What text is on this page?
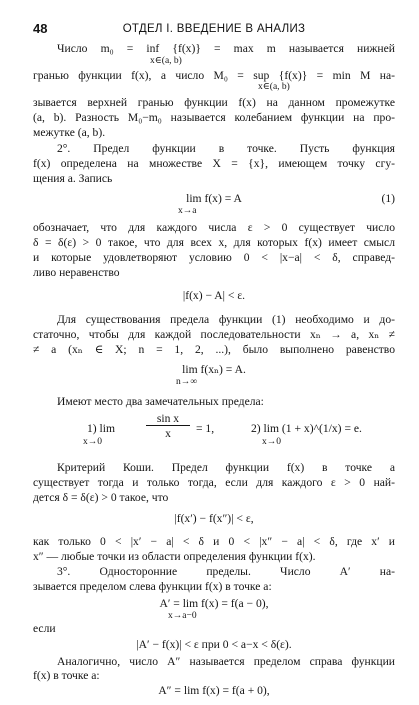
48	ОТДЕЛ I. ВВЕДЕНИЕ В АНАЛИЗ
Число m₀ = inf {f(x)} = max m называется нижней
x∈(a, b)
гранью функции f(x), а число M₀ = sup {f(x)} = min M на-
x∈(a, b)
зывается верхней гранью функции f(x) на данном промежутке
(a, b). Разность M₀−m₀ называется колебанием функции на про-
межутке (a, b).
2°. Предел функции в точке. Пусть функция
f(x) определена на множестве X = {x}, имеющем точку сгу-
щения a. Запись
lim f(x) = A	(1)
x→a
обозначает, что для каждого числа ε > 0 существует число
δ = δ(ε) > 0 такое, что для всех x, для которых f(x) имеет смысл
и которые удовлетворяют условию 0 < |x−a| < δ, справед-
ливо неравенство
|f(x) − A| < ε.
Для существования предела функции (1) необходимо и до-
статочно, чтобы для каждой последовательности xₙ → a, xₙ ≠
≠ a (xₙ ∈ X; n = 1, 2, ...), было выполнено равенство
lim f(xₙ) = A.
n→∞
Имеют место два замечательных предела:
1) lim
sin x
x	= 1,	2) lim (1 + x)^(1/x) = e.
x→0	x→0
Критерий Коши. Предел функции f(x) в точке a
существует тогда и только тогда, если для каждого ε > 0 най-
дется δ = δ(ε) > 0 такое, что
|f(x′) − f(x″)| < ε,
как только 0 < |x′ − a| < δ и 0 < |x″ − a| < δ, где x′ и
x″ — любые точки из области определения функции f(x).
3°. Односторонние пределы. Число A′ на-
зывается пределом слева функции f(x) в точке a:
A′ = lim f(x) = f(a − 0),
x→a−0
если
|A′ − f(x)| < ε при 0 < a−x < δ(ε).
Аналогично, число A″ называется пределом справа функции
f(x) в точке a:
A″ = lim f(x) = f(a + 0),
